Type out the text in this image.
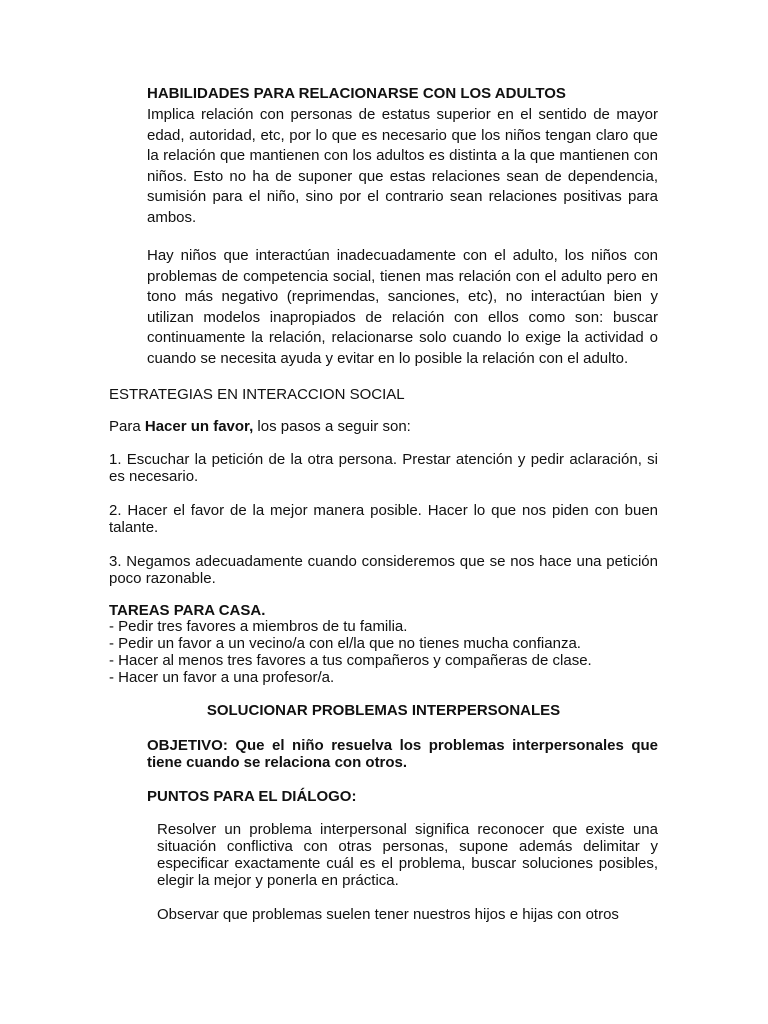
HABILIDADES PARA RELACIONARSE CON LOS ADULTOS

Implica relación con personas de estatus superior en el sentido de mayor edad, autoridad, etc, por lo que es necesario que los niños tengan claro que la relación que mantienen con los adultos es distinta a la que mantienen con niños. Esto no ha de suponer que estas relaciones sean de dependencia, sumisión para el niño, sino por el contrario sean relaciones positivas para ambos.

Hay niños que interactúan inadecuadamente con el adulto, los niños con problemas de competencia social, tienen mas relación con el adulto pero en tono más negativo (reprimendas, sanciones, etc), no interactúan bien y utilizan modelos inapropiados de relación con ellos como son: buscar continuamente la relación, relacionarse solo cuando lo exige la actividad o cuando se necesita ayuda y evitar en lo posible la relación con el adulto.

ESTRATEGIAS EN INTERACCION SOCIAL

Para Hacer un favor, los pasos a seguir son:

1. Escuchar la petición de la otra persona. Prestar atención y pedir aclaración, si es necesario.

2. Hacer el favor de la mejor manera posible. Hacer lo que nos piden con buen talante.

3. Negamos adecuadamente cuando consideremos que se nos hace una petición poco razonable.

TAREAS PARA CASA.

- Pedir tres favores a miembros de tu familia.
- Pedir un favor a un vecino/a con el/la que no tienes mucha confianza.
- Hacer al menos tres favores a tus compañeros y compañeras de clase.
- Hacer un favor a una profesor/a.

SOLUCIONAR PROBLEMAS INTERPERSONALES

OBJETIVO: Que el niño resuelva los problemas interpersonales que tiene cuando se relaciona con otros.

PUNTOS PARA EL DIÁLOGO:

Resolver un problema interpersonal significa reconocer que existe una situación conflictiva con otras personas, supone además delimitar y especificar exactamente cuál es el problema, buscar soluciones posibles, elegir la mejor y ponerla en práctica.

Observar que problemas suelen tener nuestros hijos e hijas con otros
